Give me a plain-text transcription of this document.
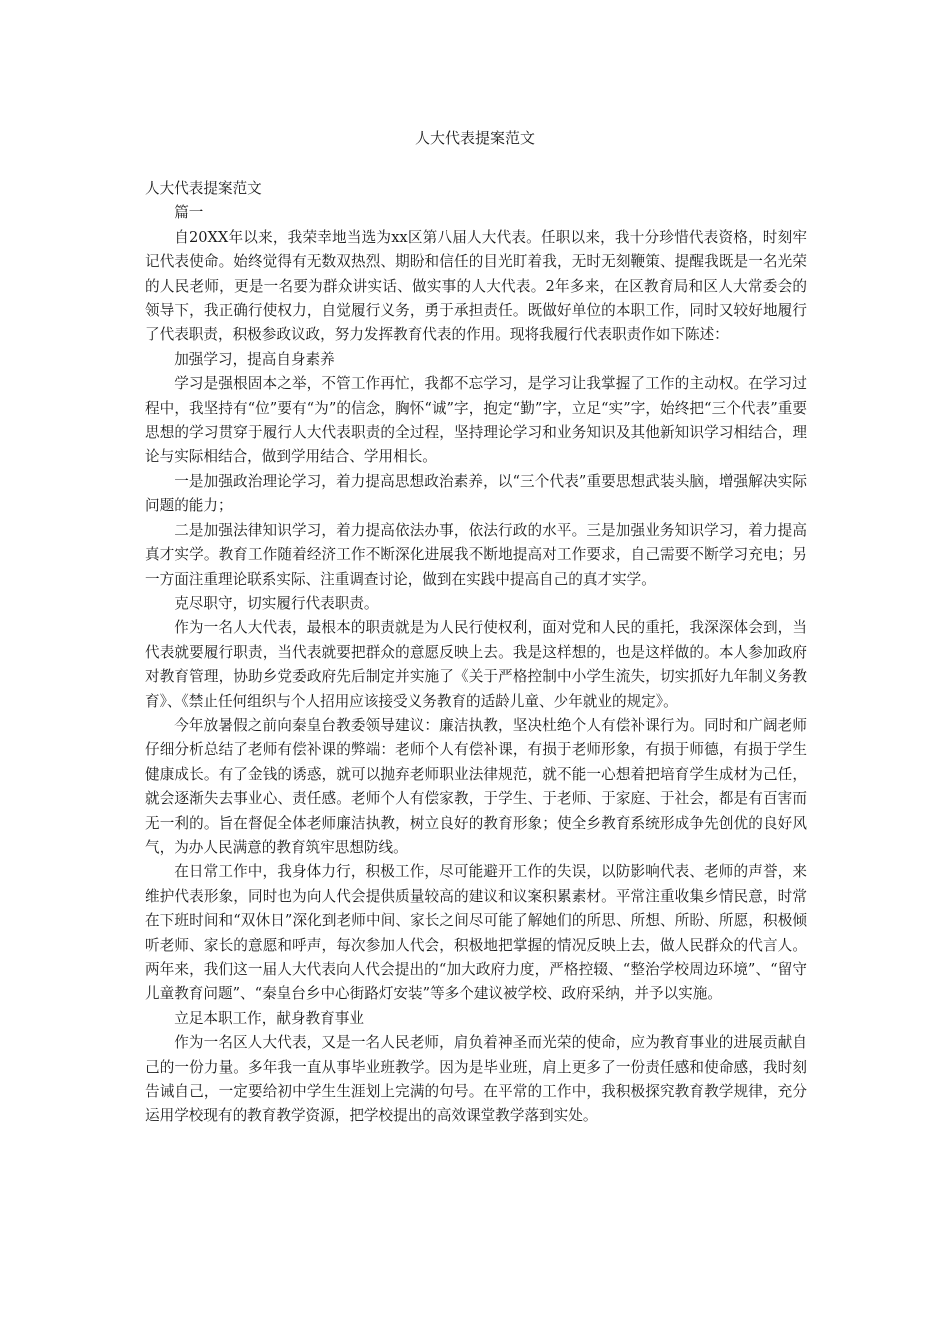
人大代表提案范文

人大代表提案范文

篇一

自20XX年以来，我荣幸地当选为xx区第八届人大代表。任职以来，我十分珍惜代表资格，时刻牢记代表使命。始终觉得有无数双热烈、期盼和信任的目光盯着我，无时无刻鞭策、提醒我既是一名光荣的人民老师，更是一名要为群众讲实话、做实事的人大代表。2年多来，在区教育局和区人大常委会的领导下，我正确行使权力，自觉履行义务，勇于承担责任。既做好单位的本职工作，同时又较好地履行了代表职责，积极参政议政，努力发挥教育代表的作用。现将我履行代表职责作如下陈述：

加强学习，提高自身素养

学习是强根固本之举，不管工作再忙，我都不忘学习，是学习让我掌握了工作的主动权。在学习过程中，我坚持有“位”要有“为”的信念，胸怀“诚”字，抱定“勤”字，立足“实”字，始终把“三个代表”重要思想的学习贯穿于履行人大代表职责的全过程，坚持理论学习和业务知识及其他新知识学习相结合，理论与实际相结合，做到学用结合、学用相长。

一是加强政治理论学习，着力提高思想政治素养，以“三个代表”重要思想武装头脑，增强解决实际问题的能力；

二是加强法律知识学习，着力提高依法办事，依法行政的水平。三是加强业务知识学习，着力提高真才实学。教育工作随着经济工作不断深化进展我不断地提高对工作要求，自己需要不断学习充电；另一方面注重理论联系实际、注重调查讨论，做到在实践中提高自己的真才实学。

克尽职守，切实履行代表职责。

作为一名人大代表，最根本的职责就是为人民行使权利，面对党和人民的重托，我深深体会到，当代表就要履行职责，当代表就要把群众的意愿反映上去。我是这样想的，也是这样做的。本人参加政府对教育管理，协助乡党委政府先后制定并实施了《关于严格控制中小学生流失，切实抓好九年制义务教育》、《禁止任何组织与个人招用应该接受义务教育的适龄儿童、少年就业的规定》。

今年放暑假之前向秦皇台教委领导建议：廉洁执教，坚决杜绝个人有偿补课行为。同时和广阔老师仔细分析总结了老师有偿补课的弊端：老师个人有偿补课，有损于老师形象，有损于师德，有损于学生健康成长。有了金钱的诱惑，就可以抛弃老师职业法律规范，就不能一心想着把培育学生成材为己任，就会逐渐失去事业心、责任感。老师个人有偿家教，于学生、于老师、于家庭、于社会，都是有百害而无一利的。旨在督促全体老师廉洁执教，树立良好的教育形象；使全乡教育系统形成争先创优的良好风气，为办人民满意的教育筑牢思想防线。

在日常工作中，我身体力行，积极工作，尽可能避开工作的失误，以防影响代表、老师的声誉，来维护代表形象，同时也为向人代会提供质量较高的建议和议案积累素材。平常注重收集乡情民意，时常在下班时间和“双休日”深化到老师中间、家长之间尽可能了解她们的所思、所想、所盼、所愿，积极倾听老师、家长的意愿和呼声，每次参加人代会，积极地把掌握的情况反映上去，做人民群众的代言人。两年来，我们这一届人大代表向人代会提出的“加大政府力度，严格控辍、“整治学校周边环境”、“留守儿童教育问题”、“秦皇台乡中心街路灯安装”等多个建议被学校、政府采纳，并予以实施。

立足本职工作，献身教育事业

作为一名区人大代表，又是一名人民老师，肩负着神圣而光荣的使命，应为教育事业的进展贡献自己的一份力量。多年我一直从事毕业班教学。因为是毕业班，肩上更多了一份责任感和使命感，我时刻告诫自己，一定要给初中学生生涯划上完满的句号。在平常的工作中，我积极探究教育教学规律，充分运用学校现有的教育教学资源，把学校提出的高效课堂教学落到实处。
